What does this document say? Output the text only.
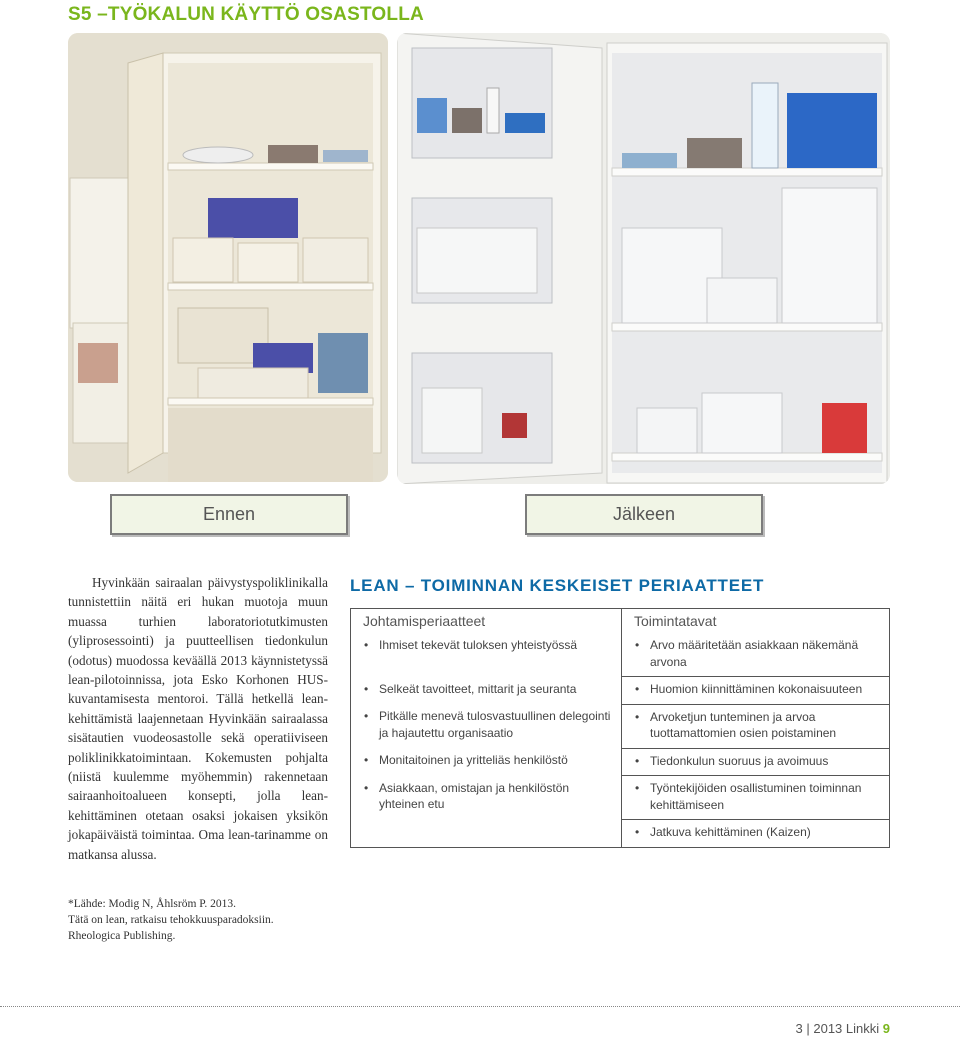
S5 –TYÖKALUN KÄYTTÖ OSASTOLLA
Ennen	Jälkeen

Hyvinkään sairaalan päivystyspoliklinikalla tunnistettiin näitä eri hukan muotoja muun muassa turhien laboratoriotutkimusten (yliprosessointi) ja puutteellisen tiedonkulun (odotus) muodossa keväällä 2013 käynnistetyssä lean-pilotoinnissa, jota Esko Korhonen HUS-kuvantamisesta mentoroi. Tällä hetkellä lean-kehittämistä laajennetaan Hyvinkään sairaalassa sisätautien vuodeosastolle sekä operatiiviseen poliklinikkatoimintaan. Kokemusten pohjalta (niistä kuulemme myöhemmin) rakennetaan sairaanhoitoalueen konsepti, jolla lean-kehittäminen otetaan osaksi jokaisen yksikön jokapäiväistä toimintaa. Oma lean-tarinamme on matkansa alussa.

LEAN – TOIMINNAN KESKEISET PERIAATTEET
Johtamisperiaatteet	Toimintatavat

• Ihmiset tekevät tuloksen yhteistyössä	• Arvo määritetään asiakkaan näkemänä arvona

• Selkeät tavoitteet, mittarit ja seuranta	• Huomion kiinnittäminen kokonaisuuteen

• Pitkälle menevä tulosvastuullinen delegointi ja hajautettu organisaatio	• Arvoketjun tunteminen ja arvoa tuottamattomien osien poistaminen

• Monitaitoinen ja yritteliäs henkilöstö	• Tiedonkulun suoruus ja avoimuus

• Asiakkaan, omistajan ja henkilöstön yhteinen etu	• Työntekijöiden osallistuminen toiminnan kehittämiseen

	• Jatkuva kehittäminen (Kaizen)
*Lähde: Modig N, Åhlsröm P. 2013.
Tätä on lean, ratkaisu tehokkuusparadoksiin.
Rheologica Publishing.
3 | 2013 Linkki 9
